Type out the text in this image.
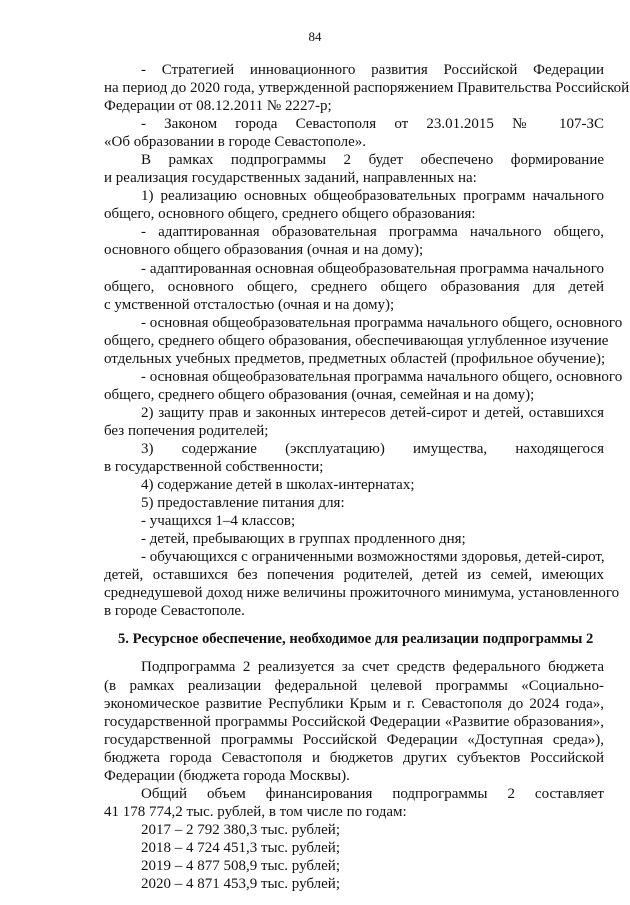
84
- Стратегией инновационного развития Российской Федерации
на период до 2020 года, утвержденной распоряжением Правительства Российской
Федерации от 08.12.2011 № 2227-р;
- Законом города Севастополя от 23.01.2015 № 107-ЗС
«Об образовании в городе Севастополе».
В рамках подпрограммы 2 будет обеспечено формирование
и реализация государственных заданий, направленных на:
1) реализацию основных общеобразовательных программ начального
общего, основного общего, среднего общего образования:
- адаптированная образовательная программа начального общего,
основного общего образования (очная и на дому);
- адаптированная основная общеобразовательная программа начального
общего, основного общего, среднего общего образования для детей
с умственной отсталостью (очная и на дому);
- основная общеобразовательная программа начального общего, основного
общего, среднего общего образования, обеспечивающая углубленное изучение
отдельных учебных предметов, предметных областей (профильное обучение);
- основная общеобразовательная программа начального общего, основного
общего, среднего общего образования (очная, семейная и на дому);
2) защиту прав и законных интересов детей-сирот и детей, оставшихся
без попечения родителей;
3) содержание (эксплуатацию) имущества, находящегося
в государственной собственности;
4) содержание детей в школах-интернатах;
5) предоставление питания для:
- учащихся 1–4 классов;
- детей, пребывающих в группах продленного дня;
- обучающихся с ограниченными возможностями здоровья, детей-сирот,
детей, оставшихся без попечения родителей, детей из семей, имеющих
среднедушевой доход ниже величины прожиточного минимума, установленного
в городе Севастополе.
5. Ресурсное обеспечение, необходимое для реализации подпрограммы 2
Подпрограмма 2 реализуется за счет средств федерального бюджета
(в рамках реализации федеральной целевой программы «Социально-
экономическое развитие Республики Крым и г. Севастополя до 2024 года»,
государственной программы Российской Федерации «Развитие образования»,
государственной программы Российской Федерации «Доступная среда»),
бюджета города Севастополя и бюджетов других субъектов Российской
Федерации (бюджета города Москвы).
Общий объем финансирования подпрограммы 2 составляет
41 178 774,2 тыс. рублей, в том числе по годам:
2017 – 2 792 380,3 тыс. рублей;
2018 – 4 724 451,3 тыс. рублей;
2019 – 4 877 508,9 тыс. рублей;
2020 – 4 871 453,9 тыс. рублей;
